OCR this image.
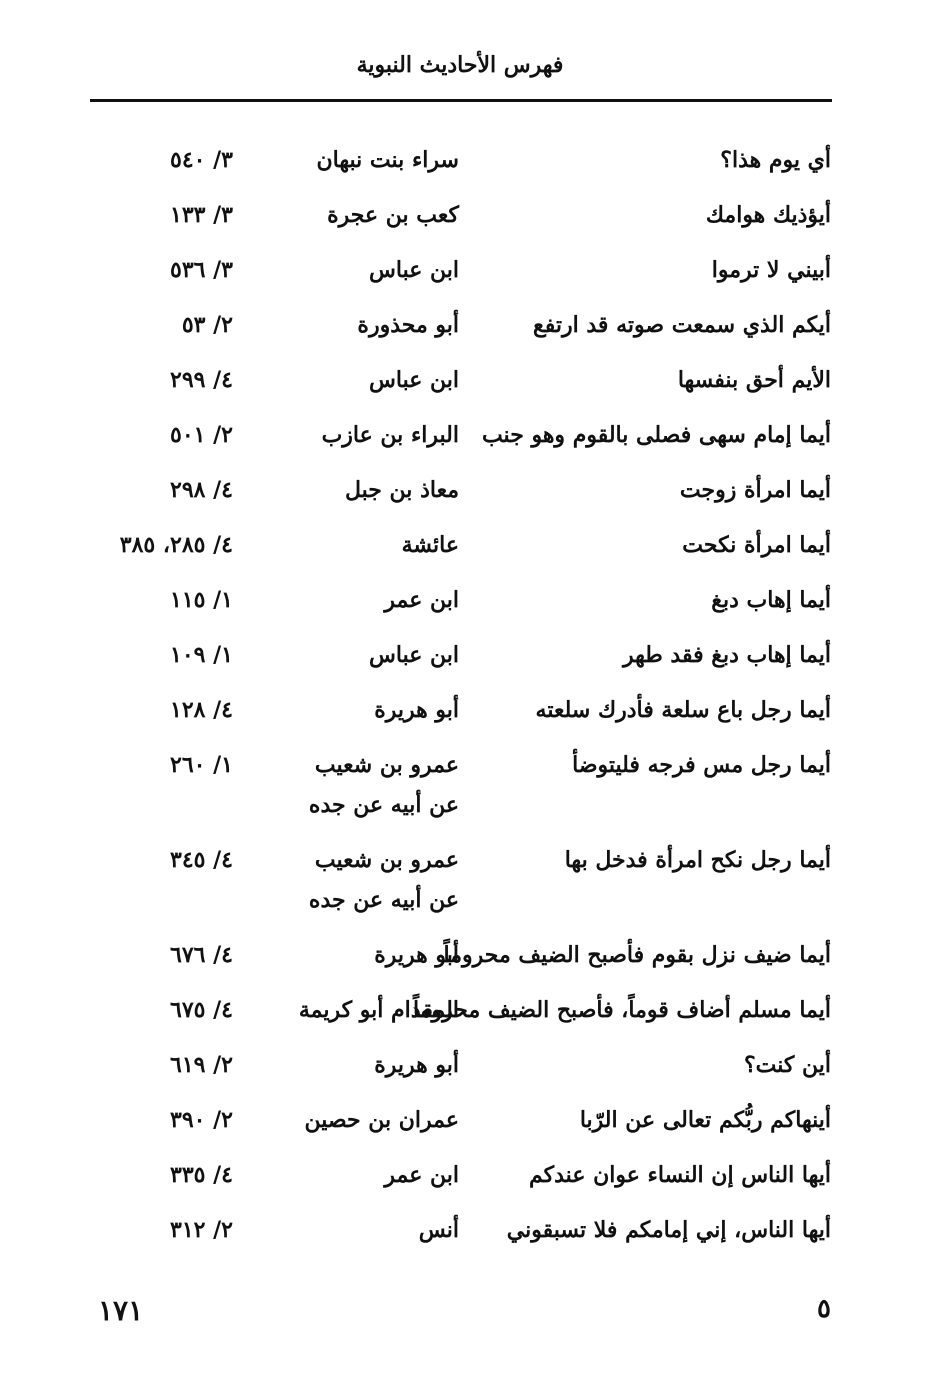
فهرس الأحاديث النبوية
أي يوم هذا؟
سراء بنت نبهان
٣/ ٥٤٠
أيؤذيك هوامك
كعب بن عجرة
٣/ ١٣٣
أبيني لا ترموا
ابن عباس
٣/ ٥٣٦
أيكم الذي سمعت صوته قد ارتفع
أبو محذورة
٢/ ٥٣
الأيم أحق بنفسها
ابن عباس
٤/ ٢٩٩
أيما إمام سهى فصلى بالقوم وهو جنب
البراء بن عازب
٢/ ٥٠١
أيما امرأة زوجت
معاذ بن جبل
٤/ ٢٩٨
أيما امرأة نكحت
عائشة
٤/ ٢٨٥، ٣٨٥
أيما إهاب دبغ
ابن عمر
١/ ١١٥
أيما إهاب دبغ فقد طهر
ابن عباس
١/ ١٠٩
أيما رجل باع سلعة فأدرك سلعته
أبو هريرة
٤/ ١٢٨
أيما رجل مس فرجه فليتوضأ
عمرو بن شعيب
عن أبيه عن جده
١/ ٢٦٠
أيما رجل نكح امرأة فدخل بها
عمرو بن شعيب
عن أبيه عن جده
٤/ ٣٤٥
أيما ضيف نزل بقوم فأصبح الضيف محروماً
أبو هريرة
٤/ ٦٧٦
أيما مسلم أضاف قوماً، فأصبح الضيف محروماً
المقدام أبو كريمة
٤/ ٦٧٥
أين كنت؟
أبو هريرة
٢/ ٦١٩
أينهاكم ربُّكم تعالى عن الرّبا
عمران بن حصين
٢/ ٣٩٠
أيها الناس إن النساء عوان عندكم
ابن عمر
٤/ ٣٣٥
أيها الناس، إني إمامكم فلا تسبقوني
أنس
٢/ ٣١٢
١٧١	٥
